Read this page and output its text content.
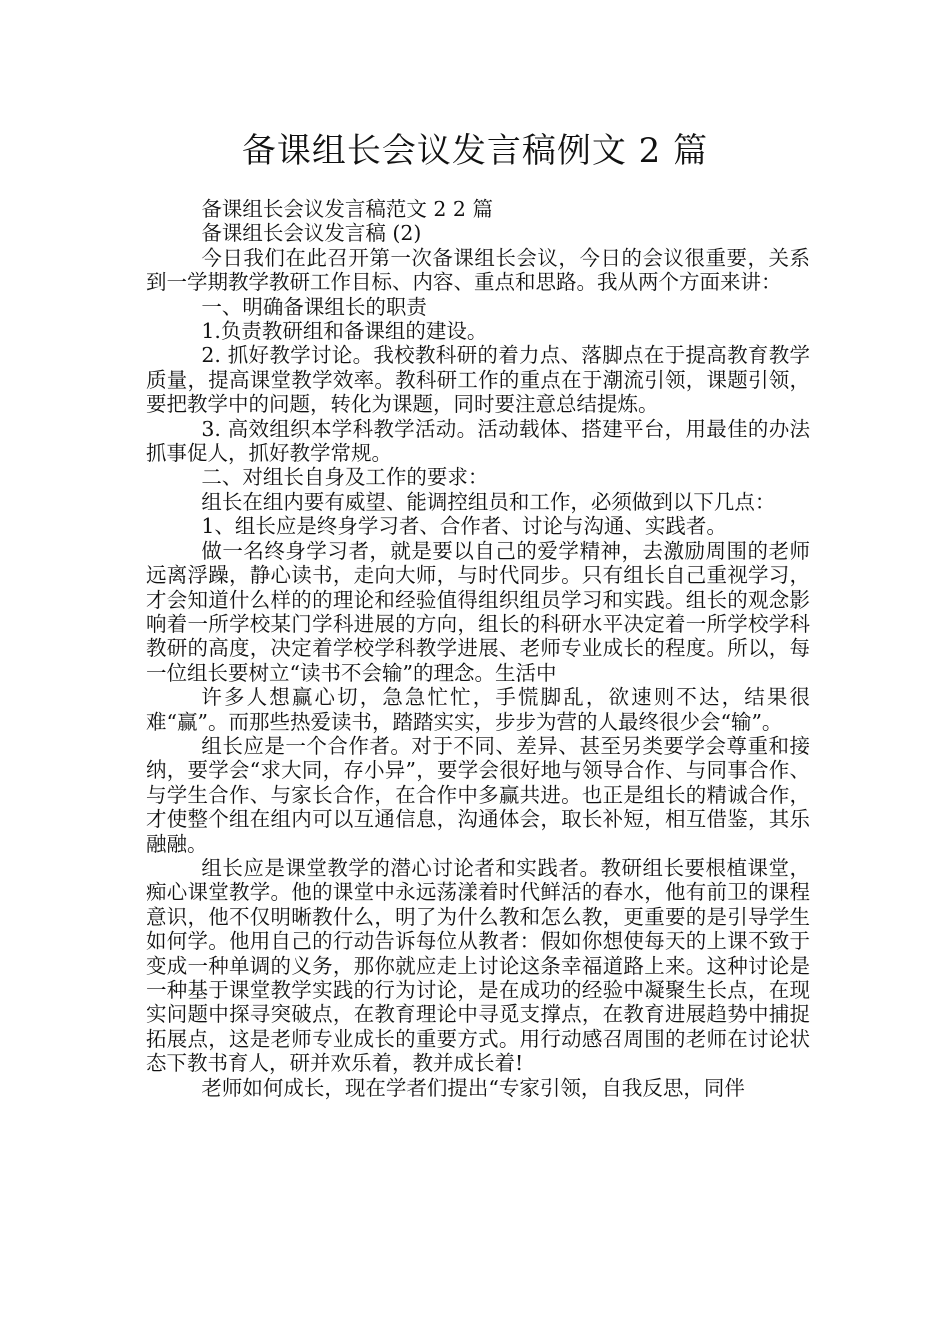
备课组长会议发言稿例文 2 篇

备课组长会议发言稿范文 2 2 篇

备课组长会议发言稿 (2)

今日我们在此召开第一次备课组长会议，今日的会议很重要，关系到一学期教学教研工作目标、内容、重点和思路。我从两个方面来讲：

一、明确备课组长的职责

1.负责教研组和备课组的建设。

2. 抓好教学讨论。我校教科研的着力点、落脚点在于提高教育教学质量，提高课堂教学效率。教科研工作的重点在于潮流引领，课题引领，要把教学中的问题，转化为课题，同时要注意总结提炼。

3. 高效组织本学科教学活动。活动载体、搭建平台，用最佳的办法抓事促人，抓好教学常规。

二、对组长自身及工作的要求：

组长在组内要有威望、能调控组员和工作，必须做到以下几点：

1、组长应是终身学习者、合作者、讨论与沟通、实践者。

做一名终身学习者，就是要以自己的爱学精神，去激励周围的老师远离浮躁，静心读书，走向大师，与时代同步。只有组长自己重视学习，才会知道什么样的的理论和经验值得组织组员学习和实践。组长的观念影响着一所学校某门学科进展的方向，组长的科研水平决定着一所学校学科教研的高度，决定着学校学科教学进展、老师专业成长的程度。所以，每一位组长要树立“读书不会输”的理念。生活中

许多人想赢心切，急急忙忙，手慌脚乱，欲速则不达，结果很难“赢”。而那些热爱读书，踏踏实实，步步为营的人最终很少会“输”。

组长应是一个合作者。对于不同、差异、甚至另类要学会尊重和接纳，要学会“求大同，存小异”，要学会很好地与领导合作、与同事合作、与学生合作、与家长合作，在合作中多赢共进。也正是组长的精诚合作，才使整个组在组内可以互通信息，沟通体会，取长补短，相互借鉴，其乐融融。

组长应是课堂教学的潜心讨论者和实践者。教研组长要根植课堂，痴心课堂教学。他的课堂中永远荡漾着时代鲜活的春水，他有前卫的课程意识，他不仅明晰教什么，明了为什么教和怎么教，更重要的是引导学生如何学。他用自己的行动告诉每位从教者：假如你想使每天的上课不致于变成一种单调的义务，那你就应走上讨论这条幸福道路上来。这种讨论是一种基于课堂教学实践的行为讨论，是在成功的经验中凝聚生长点，在现实问题中探寻突破点，在教育理论中寻觅支撑点，在教育进展趋势中捕捉拓展点，这是老师专业成长的重要方式。用行动感召周围的老师在讨论状态下教书育人，研并欢乐着，教并成长着!

老师如何成长，现在学者们提出“专家引领，自我反思，同伴
